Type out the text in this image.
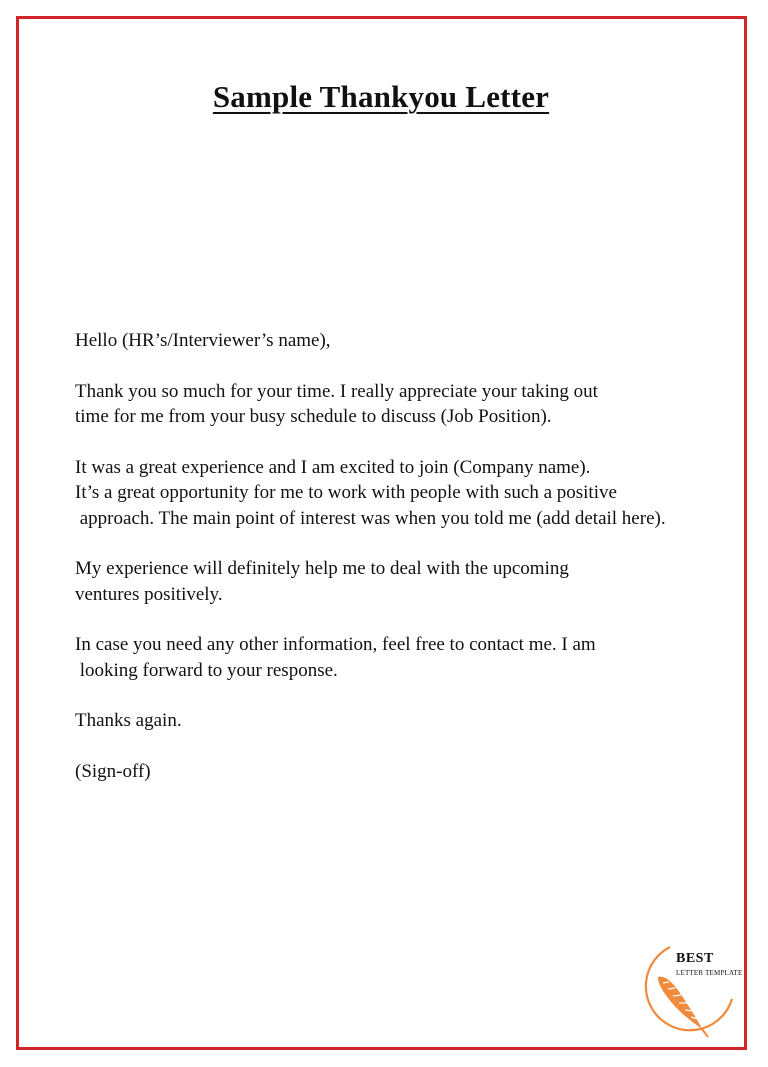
Sample Thankyou Letter

Hello (HR’s/Interviewer’s name),

Thank you so much for your time. I really appreciate your taking out
time for me from your busy schedule to discuss (Job Position).

It was a great experience and I am excited to join (Company name).
It’s a great opportunity for me to work with people with such a positive
approach. The main point of interest was when you told me (add detail here).

My experience will definitely help me to deal with the upcoming
ventures positively.

In case you need any other information, feel free to contact me. I am
looking forward to your response.

Thanks again.

(Sign-off)

BEST
LETTER TEMPLATE
